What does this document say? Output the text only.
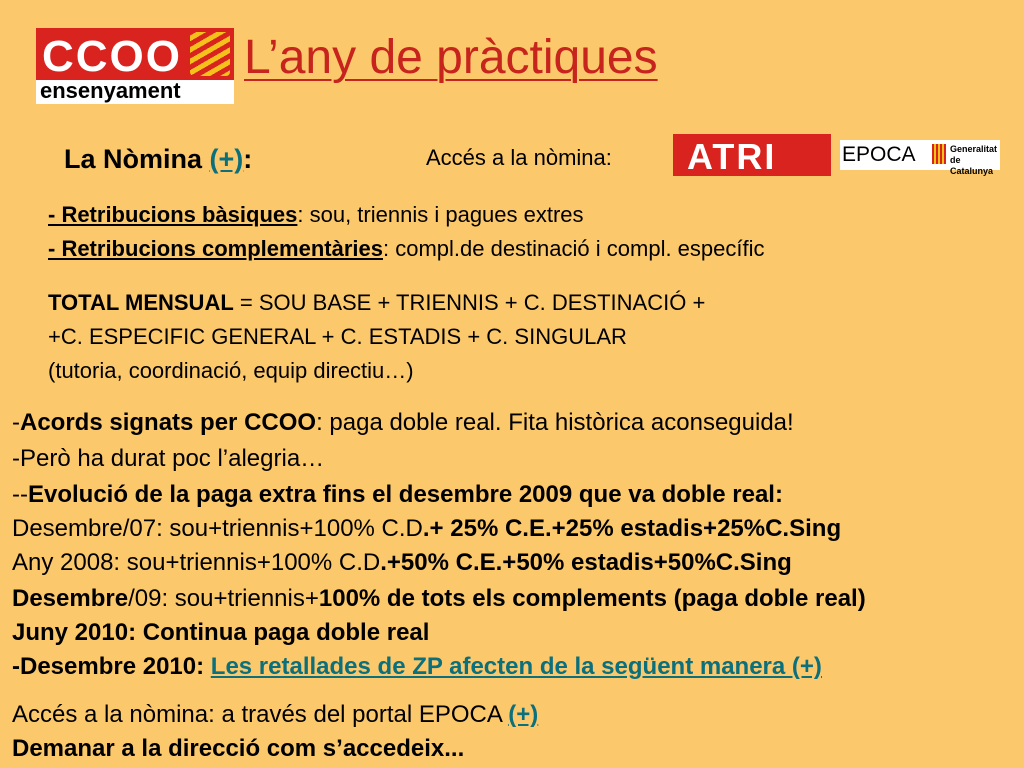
CCOO
ensenyament
L’any de pràctiques
La Nòmina (+):	Accés a la nòmina: ATRI	EPOCA	Generalitat de Catalunya
- Retribucions bàsiques: sou, triennis i pagues extres
- Retribucions complementàries: compl.de destinació i compl. específic
TOTAL MENSUAL = SOU BASE + TRIENNIS + C. DESTINACIÓ +
+C. ESPECIFIC GENERAL + C. ESTADIS + C. SINGULAR
(tutoria, coordinació, equip directiu…)
-Acords signats per CCOO: paga doble real. Fita històrica aconseguida!
-Però ha durat poc l’alegria…
--Evolució de la paga extra fins el desembre 2009 que va doble real:
Desembre/07: sou+triennis+100% C.D.+ 25% C.E.+25% estadis+25%C.Sing
Any 2008: sou+triennis+100% C.D.+50% C.E.+50% estadis+50%C.Sing
Desembre/09: sou+triennis+100% de tots els complements (paga doble real)
Juny 2010: Continua paga doble real
-Desembre 2010: Les retallades de ZP afecten de la següent manera (+)
Accés a la nòmina: a través del portal EPOCA (+)
Demanar a la direcció com s’accedeix...
